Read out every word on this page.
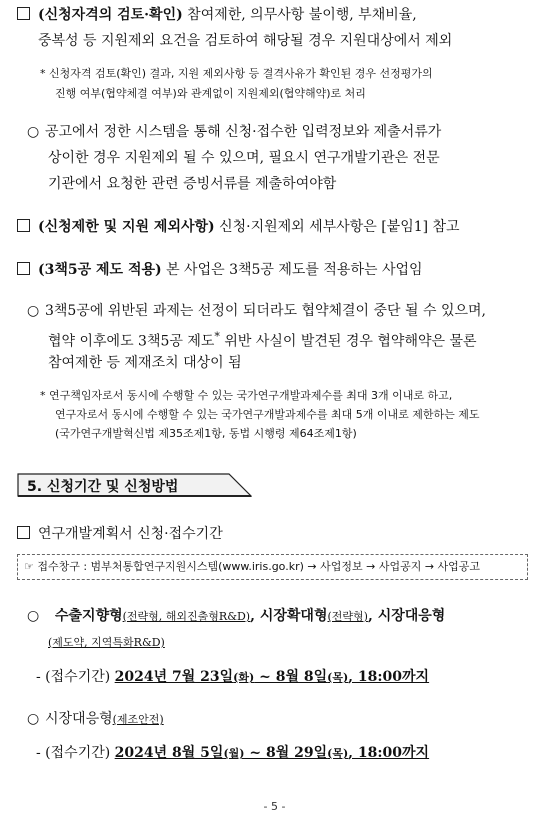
(신청자격의 검토·확인) 참여제한, 의무사항 불이행, 부채비율,
중복성 등 지원제외 요건을 검토하여 해당될 경우 지원대상에서 제외
* 신청자격 검토(확인) 결과, 지원 제외사항 등 결격사유가 확인된 경우 선정평가의
진행 여부(협약체결 여부)와 관계없이 지원제외(협약해약)로 처리
○ 공고에서 정한 시스템을 통해 신청·접수한 입력정보와 제출서류가
상이한 경우 지원제외 될 수 있으며, 필요시 연구개발기관은 전문
기관에서 요청한 관련 증빙서류를 제출하여야함
(신청제한 및 지원 제외사항) 신청·지원제외 세부사항은 [붙임1] 참고
(3책5공 제도 적용) 본 사업은 3책5공 제도를 적용하는 사업임
○ 3책5공에 위반된 과제는 선정이 되더라도 협약체결이 중단 될 수 있으며,
협약 이후에도 3책5공 제도* 위반 사실이 발견된 경우 협약해약은 물론
참여제한 등 제재조치 대상이 됨
* 연구책임자로서 동시에 수행할 수 있는 국가연구개발과제수를 최대 3개 이내로 하고,
연구자로서 동시에 수행할 수 있는 국가연구개발과제수를 최대 5개 이내로 제한하는 제도
(국가연구개발혁신법 제35조제1항, 동법 시행령 제64조제1항)
5. 신청기간 및 신청방법
연구개발계획서 신청·접수기간
☞ 접수창구 : 범부처통합연구지원시스템(www.iris.go.kr) → 사업정보 → 사업공지 → 사업공고
○ 수출지향형(전략형, 해외진출형R&D), 시장확대형(전략형), 시장대응형
(제도약, 지역특화R&D)
- (접수기간) 2024년 7월 23일(화) ~ 8월 8일(목), 18:00까지
○ 시장대응형(제조안전)
- (접수기간) 2024년 8월 5일(월) ~ 8월 29일(목), 18:00까지
- 5 -
